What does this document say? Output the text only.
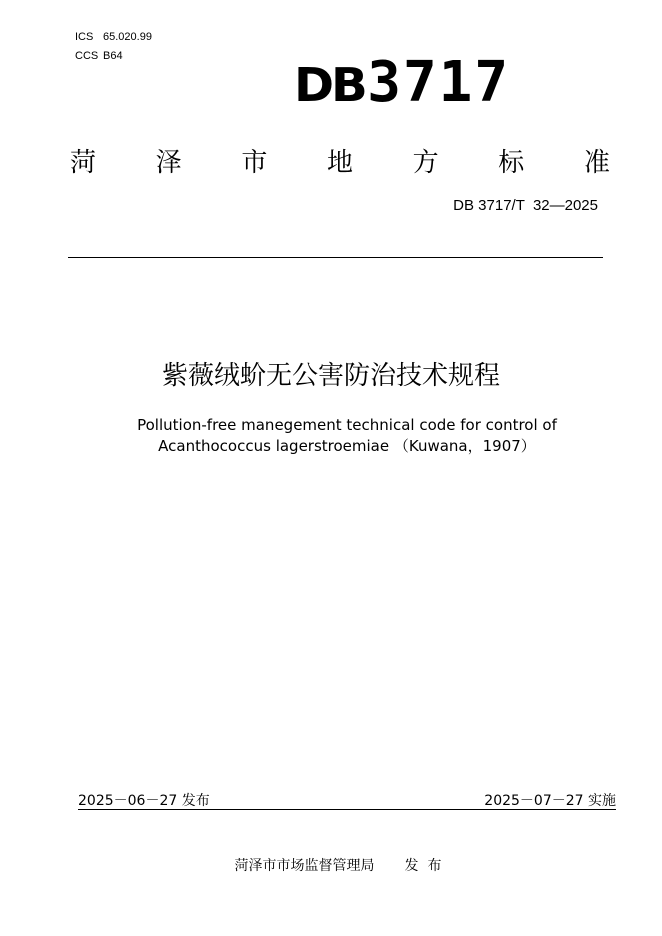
ICS 65.020.99
CCS B64
DB 3717
菏 泽 市 地 方 标 准
DB 3717/T  32—2025
紫薇绒蚧无公害防治技术规程
Pollution-free manegement technical code for control of
Acanthococcus lagerstroemiae （Kuwana，1907）
2025－06－27 发布	2025－07－27 实施
菏泽市市场监督管理局 发  布
